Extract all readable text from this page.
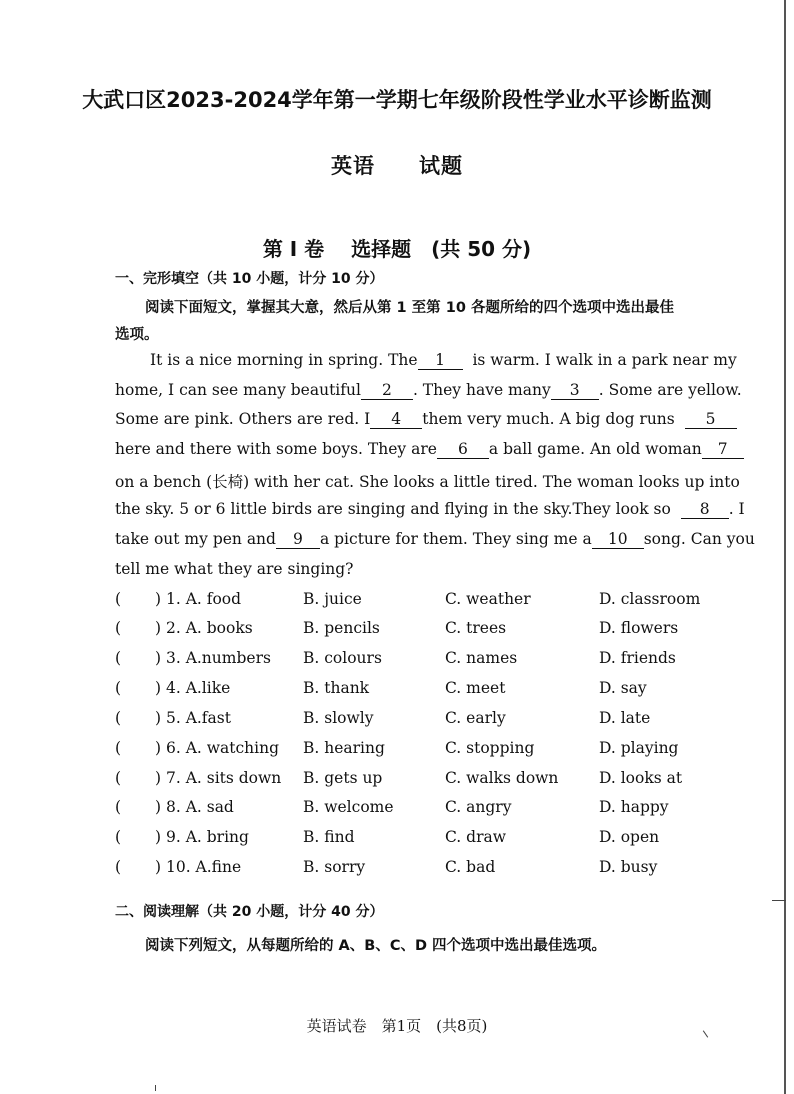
大武口区2023-2024学年第一学期七年级阶段性学业水平诊断监测
英语　　试题
第 I 卷　 选择题　(共 50 分)
一、完形填空（共 10 小题，计分 10 分）
阅读下面短文，掌握其大意，然后从第 1 至第 10 各题所给的四个选项中选出最佳
选项。
It is a nice morning in spring. The 1 is warm. I walk in a park near my
home, I can see many beautiful 2 . They have many 3 . Some are yellow.
Some are pink. Others are red. I 4 them very much. A big dog runs 5
here and there with some boys. They are 6 a ball game. An old woman 7
on a bench (长椅) with her cat. She looks a little tired. The woman looks up into
the sky. 5 or 6 little birds are singing and flying in the sky.They look so 8 . I
take out my pen and 9 a picture for them. They sing me a 10 song. Can you
tell me what they are singing?
( ) 1. A. food	B. juice	C. weather	D. classroom
( ) 2. A. books	B. pencils	C. trees	D. flowers
( ) 3. A.numbers B. colours	C. names	D. friends
( ) 4. A.like	B. thank	C. meet	D. say
( ) 5. A.fast	B. slowly	C. early	D. late
( ) 6. A. watching B. hearing	C. stopping	D. playing
( ) 7. A. sits down B. gets up	C. walks down	D. looks at
( ) 8. A. sad	B. welcome	C. angry	D. happy
( ) 9. A. bring	B. find	C. draw	D. open
( ) 10. A.fine	B. sorry	C. bad	D. busy
二、阅读理解（共 20 小题，计分 40 分）
阅读下列短文，从每题所给的 A、B、C、D 四个选项中选出最佳选项。
英语试卷　第1页　(共8页)
